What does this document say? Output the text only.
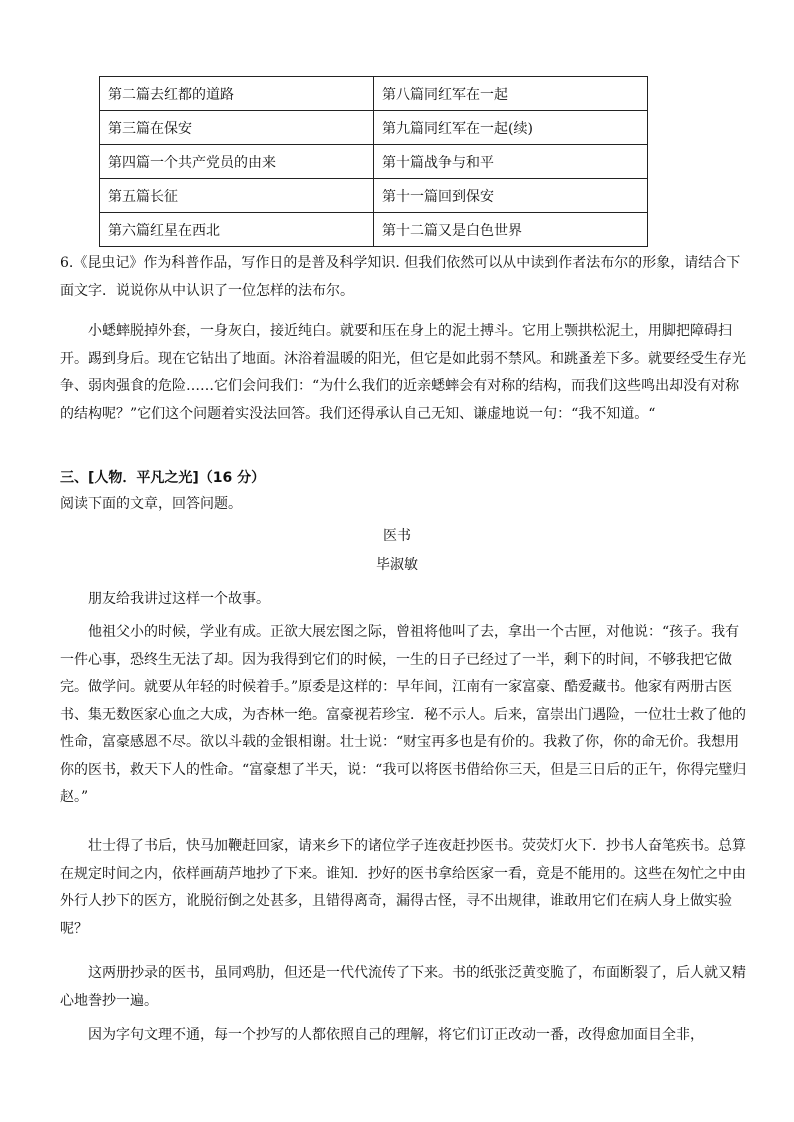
第二篇去红都的道路	第八篇同红军在一起
第三篇在保安	第九篇同红军在一起(续)
第四篇一个共产党员的由来	第十篇战争与和平
第五篇长征	第十一篇回到保安
第六篇红星在西北	第十二篇又是白色世界

6.《昆虫记》作为科普作品，写作日的是普及科学知识. 但我们依然可以从中读到作者法布尔的形象，请结合下面文字．说说你从中认识了一位怎样的法布尔。

小蟋蟀脱掉外套，一身灰白，接近纯白。就要和压在身上的泥土搏斗。它用上颚拱松泥土，用脚把障碍扫开。踢到身后。现在它钻出了地面。沐浴着温暖的阳光，但它是如此弱不禁风。和跳蚤差下多。就要经受生存光争、弱肉强食的危险……它们会问我们：“为什么我们的近亲蟋蟀会有对称的结构，而我们这些鸣出却没有对称的结构呢？”它们这个问题着实没法回答。我们还得承认自己无知、谦虚地说一句：“我不知道。“

三、[人物．平凡之光]（16 分）

阅读下面的文章，回答问题。

医书

毕淑敏

朋友给我讲过这样一个故事。

他祖父小的时候，学业有成。正欲大展宏图之际，曾祖将他叫了去，拿出一个古匣，对他说：“孩子。我有一件心事，恐终生无法了却。因为我得到它们的时候，一生的日子已经过了一半，剩下的时间，不够我把它做完。做学问。就要从年轻的时候着手。”原委是这样的：早年间，江南有一家富豪、酷爱藏书。他家有两册古医书、集无数医家心血之大成，为杏林一绝。富豪视若珍宝．秘不示人。后来，富崇出门遇险，一位壮士救了他的性命，富豪感恩不尽。欲以斗载的金银相谢。壮士说：“财宝再多也是有价的。我救了你，你的命无价。我想用你的医书，救天下人的性命。“富豪想了半天，说：“我可以将医书借给你三天，但是三日后的正午，你得完璧归赵。”

壮士得了书后，快马加鞭赶回家，请来乡下的诸位学子连夜赶抄医书。荧荧灯火下．抄书人奋笔疾书。总算在规定时间之内，依样画葫芦地抄了下来。谁知．抄好的医书拿给医家一看，竟是不能用的。这些在匆忙之中由外行人抄下的医方，讹脱衍倒之处甚多，且错得离奇，漏得古怪，寻不出规律，谁敢用它们在病人身上做实验呢？

这两册抄录的医书，虽同鸡肋，但还是一代代流传了下来。书的纸张泛黄变脆了，布面断裂了，后人就又精心地誊抄一遍。

因为字句文理不通，每一个抄写的人都依照自己的理解，将它们订正改动一番，改得愈加面目全非，
